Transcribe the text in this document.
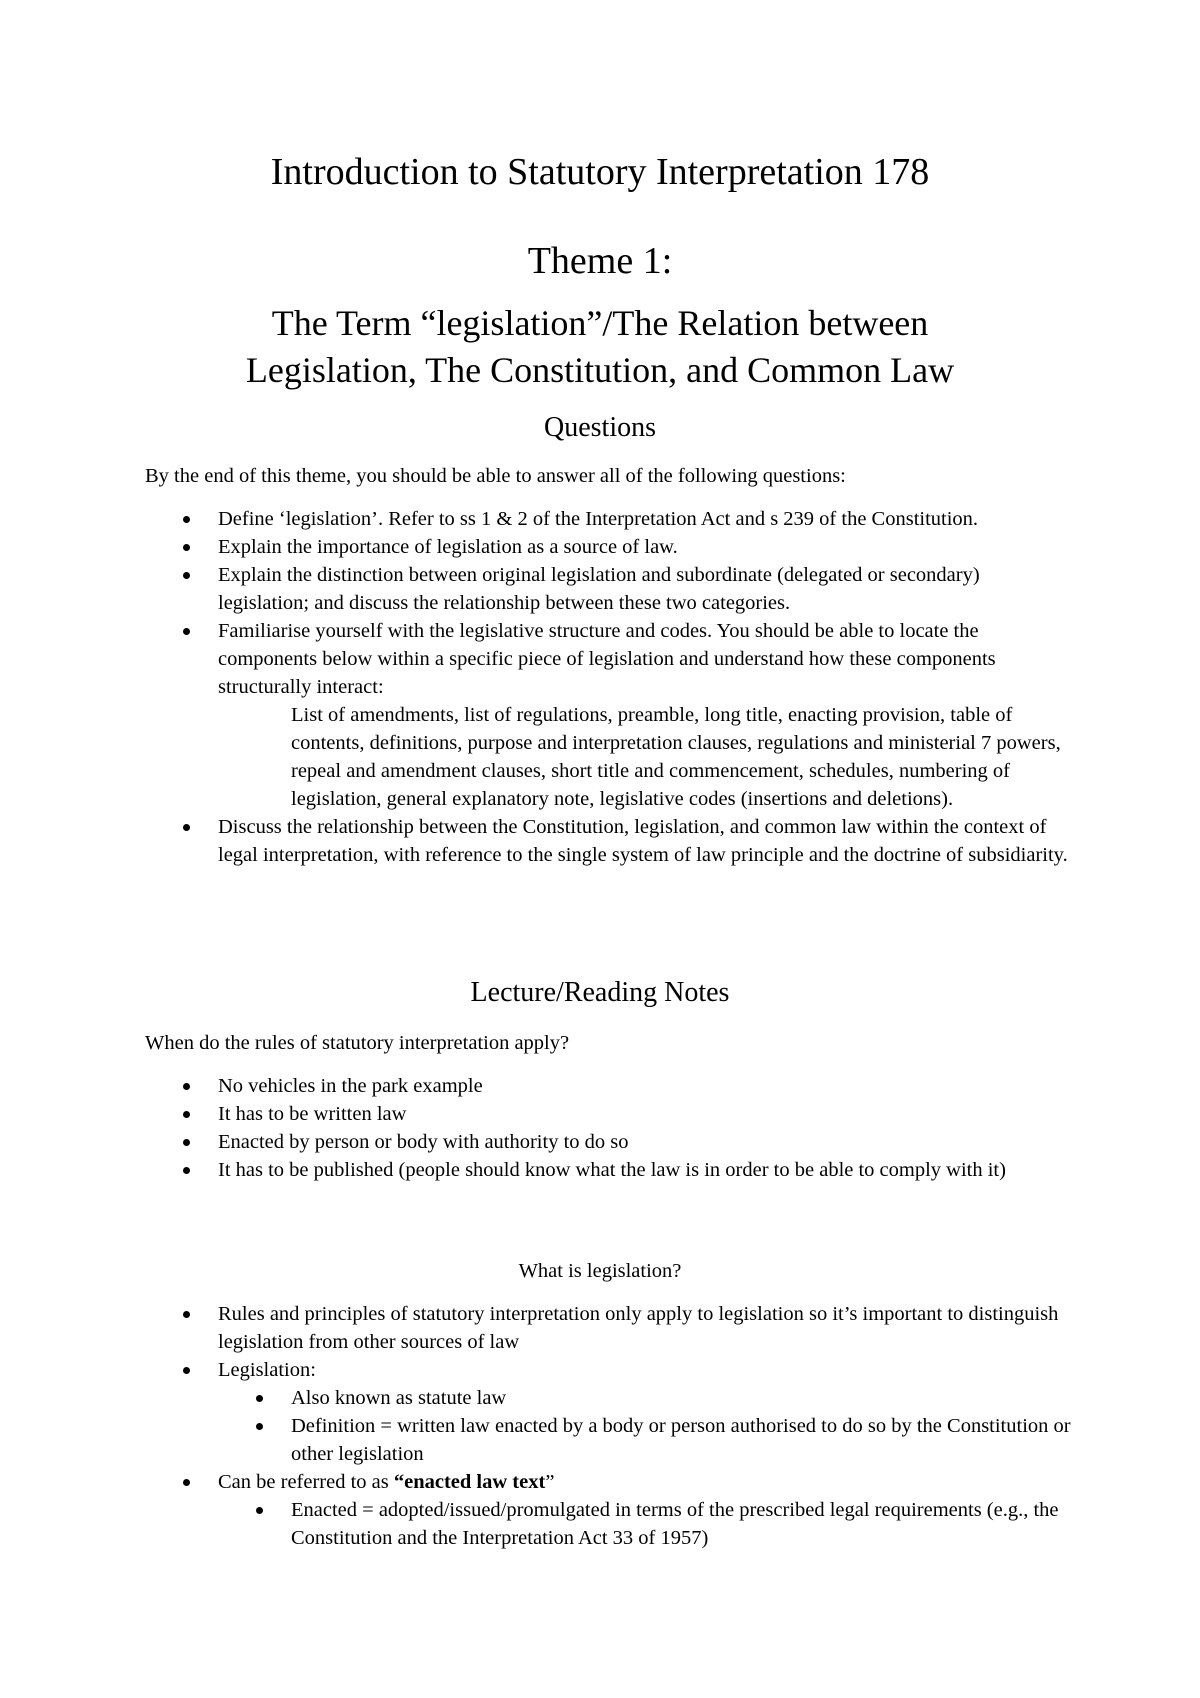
Introduction to Statutory Interpretation 178
Theme 1:
The Term “legislation”/The Relation between
Legislation, The Constitution, and Common Law
Questions

By the end of this theme, you should be able to answer all of the following questions:

Define ‘legislation’. Refer to ss 1 & 2 of the Interpretation Act and s 239 of the Constitution.
Explain the importance of legislation as a source of law.
Explain the distinction between original legislation and subordinate (delegated or secondary) legislation; and discuss the relationship between these two categories.
Familiarise yourself with the legislative structure and codes. You should be able to locate the components below within a specific piece of legislation and understand how these components structurally interact:
List of amendments, list of regulations, preamble, long title, enacting provision, table of contents, definitions, purpose and interpretation clauses, regulations and ministerial 7 powers, repeal and amendment clauses, short title and commencement, schedules, numbering of legislation, general explanatory note, legislative codes (insertions and deletions).
Discuss the relationship between the Constitution, legislation, and common law within the context of legal interpretation, with reference to the single system of law principle and the doctrine of subsidiarity.
Lecture/Reading Notes

When do the rules of statutory interpretation apply?

No vehicles in the park example
It has to be written law
Enacted by person or body with authority to do so
It has to be published (people should know what the law is in order to be able to comply with it)

What is legislation?

Rules and principles of statutory interpretation only apply to legislation so it’s important to distinguish legislation from other sources of law
Legislation:
Also known as statute law
Definition = written law enacted by a body or person authorised to do so by the Constitution or other legislation
Can be referred to as “enacted law text”
Enacted = adopted/issued/promulgated in terms of the prescribed legal requirements (e.g., the Constitution and the Interpretation Act 33 of 1957)
